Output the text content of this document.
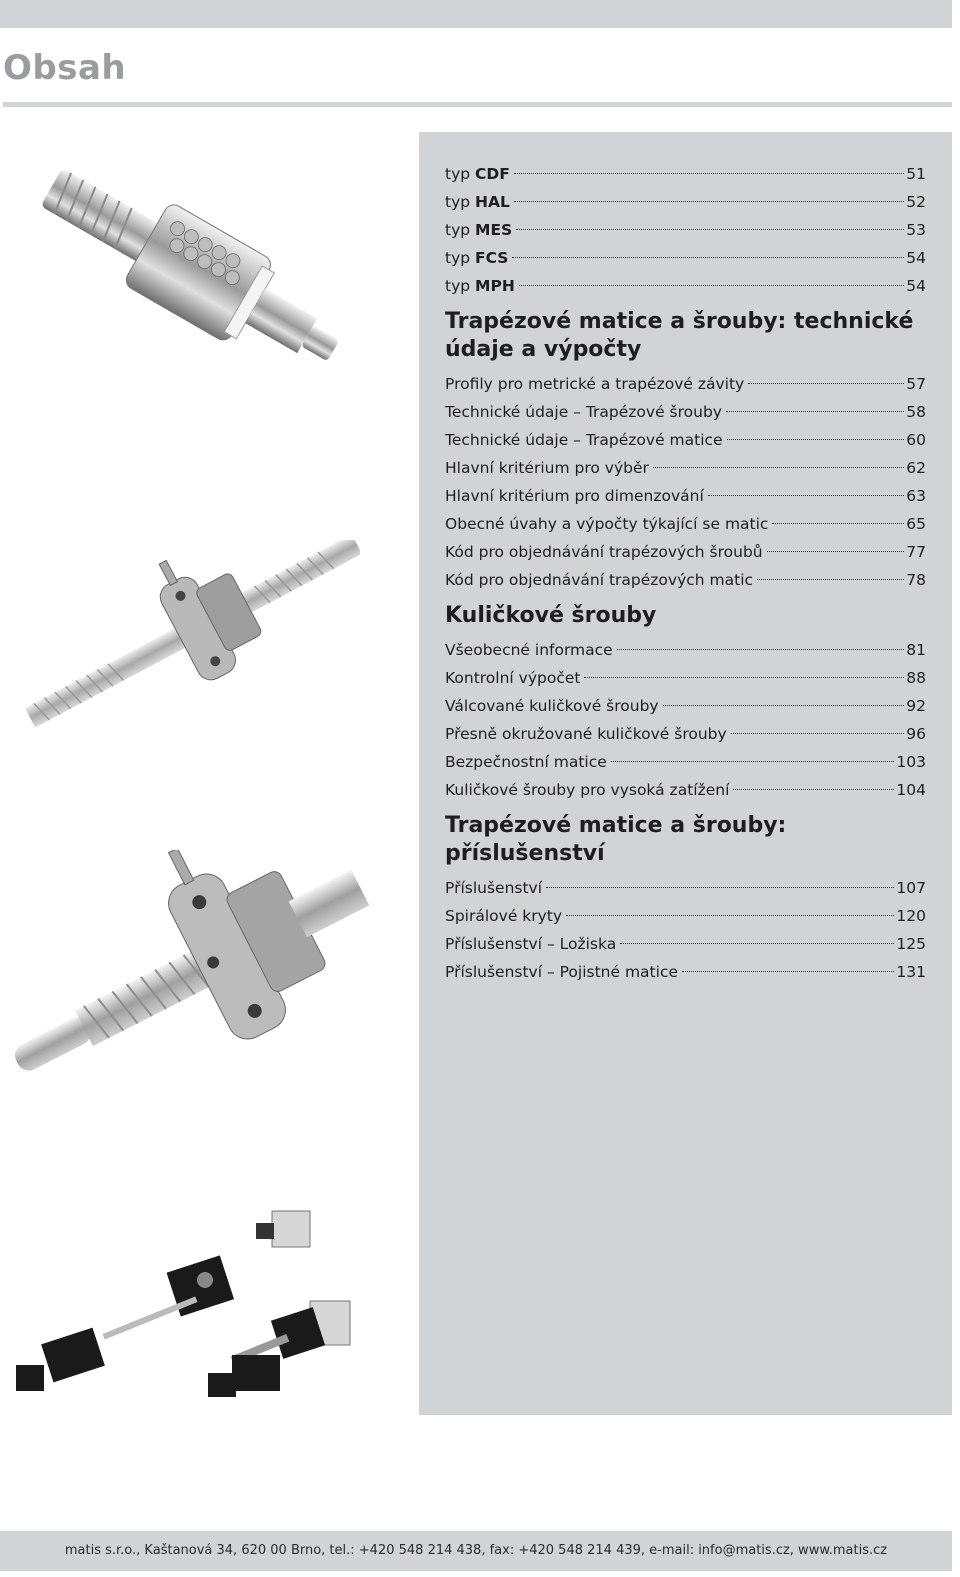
Obsah
typ CDF	51
typ HAL	52
typ MES	53
typ FCS	54
typ MPH	54
Trapézové matice a šrouby: technické
údaje a výpočty
Profily pro metrické a trapézové závity	57
Technické údaje – Trapézové šrouby	58
Technické údaje – Trapézové matice	60
Hlavní kritérium pro výběr	62
Hlavní kritérium pro dimenzování	63
Obecné úvahy a výpočty týkající se matic	65
Kód pro objednávání trapézových šroubů	77
Kód pro objednávání trapézových matic	78
Kuličkové šrouby
Všeobecné informace	81
Kontrolní výpočet	88
Válcované kuličkové šrouby	92
Přesně okružované kuličkové šrouby	96
Bezpečnostní matice	103
Kuličkové šrouby pro vysoká zatížení	104
Trapézové matice a šrouby:
příslušenství
Příslušenství	107
Spirálové kryty	120
Příslušenství – Ložiska	125
Příslušenství – Pojistné matice	131
matis s.r.o., Kaštanová 34, 620 00 Brno, tel.: +420 548 214 438, fax: +420 548 214 439, e-mail: info@matis.cz, www.matis.cz
